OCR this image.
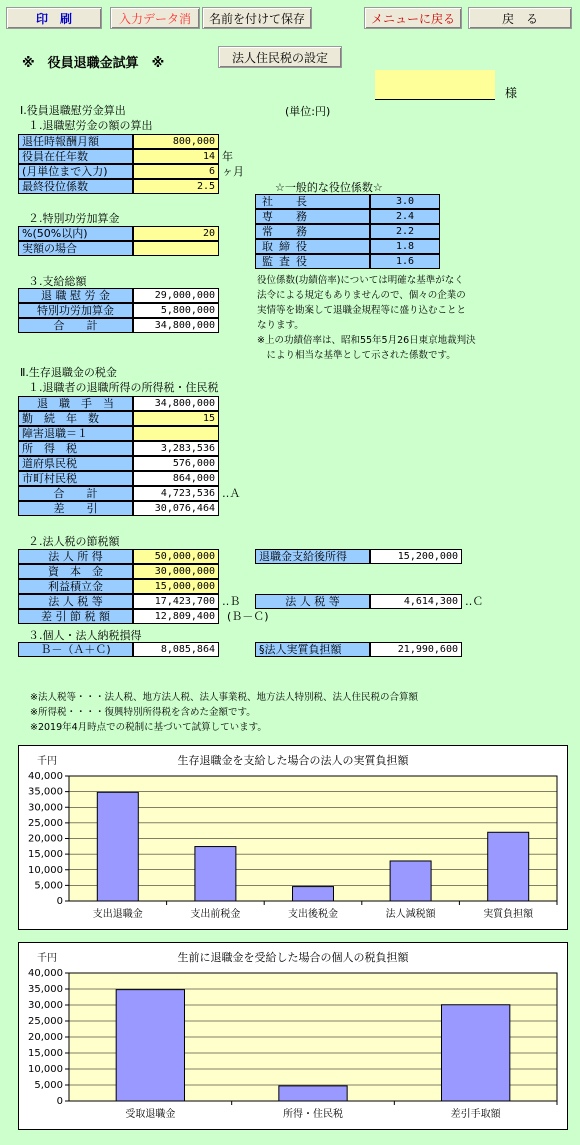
印　刷	入力データ消	名前を付けて保存	メニューに戻る	戻　る
※　役員退職金試算　※	法人住民税の設定
様
(単位:円)
Ⅰ.役員退職慰労金算出
１.退職慰労金の額の算出
退任時報酬月額	800,000
役員在任年数	14 年
(月単位まで入力)	6 ヶ月
最終役位係数	2.5
２.特別功労加算金
%(50%以内)	20
実額の場合
３.支給総額
退 職 慰 労 金	29,000,000
特別功労加算金	5,800,000
合　　計	34,800,000
☆一般的な役位係数☆
社　長	3.0
専　務	2.4
常　務	2.2
取締役	1.8
監査役	1.6
役位係数(功績倍率)については明確な基準がなく
法令による規定もありませんので、個々の企業の
実情等を勘案して退職金規程等に盛り込むことと
なります。
※上の功績倍率は、昭和55年5月26日東京地裁判決
　により相当な基準として示された係数です。
Ⅱ.生存退職金の税金
１.退職者の退職所得の所得税・住民税
退　職　手　当	34,800,000
勤　続　年　数	15
障害退職＝１
所　得　税	3,283,536
道府県民税	576,000
市町村民税	864,000
合　　計	4,723,536 ‥Ａ
差　　引	30,076,464
２.法人税の節税額
法 人 所 得	50,000,000
資　本　金	30,000,000
利益積立金	15,000,000
法 人 税 等	17,423,700 ‥Ｂ
差 引 節 税 額	12,809,400	(Ｂ－Ｃ)
退職金支給後所得	15,200,000
法 人 税 等	4,614,300 ‥Ｃ
３.個人・法人納税損得
Ｂ－（Ａ＋Ｃ)	8,085,864	§法人実質負担額	21,990,600
※法人税等・・・法人税、地方法人税、法人事業税、地方法人特別税、法人住民税の合算額
※所得税・・・・復興特別所得税を含めた金額です。
※2019年4月時点での税制に基づいて試算しています。
生存退職金を支給した場合の法人の実質負担額
千円
0
5,000
10,000
15,000
20,000
25,000
30,000
35,000
40,000
支出退職金	支出前税金	支出後税金	法人減税額	実質負担額
生前に退職金を受給した場合の個人の税負担額
千円
0
5,000
10,000
15,000
20,000
25,000
30,000
35,000
40,000
受取退職金	所得・住民税	差引手取額
